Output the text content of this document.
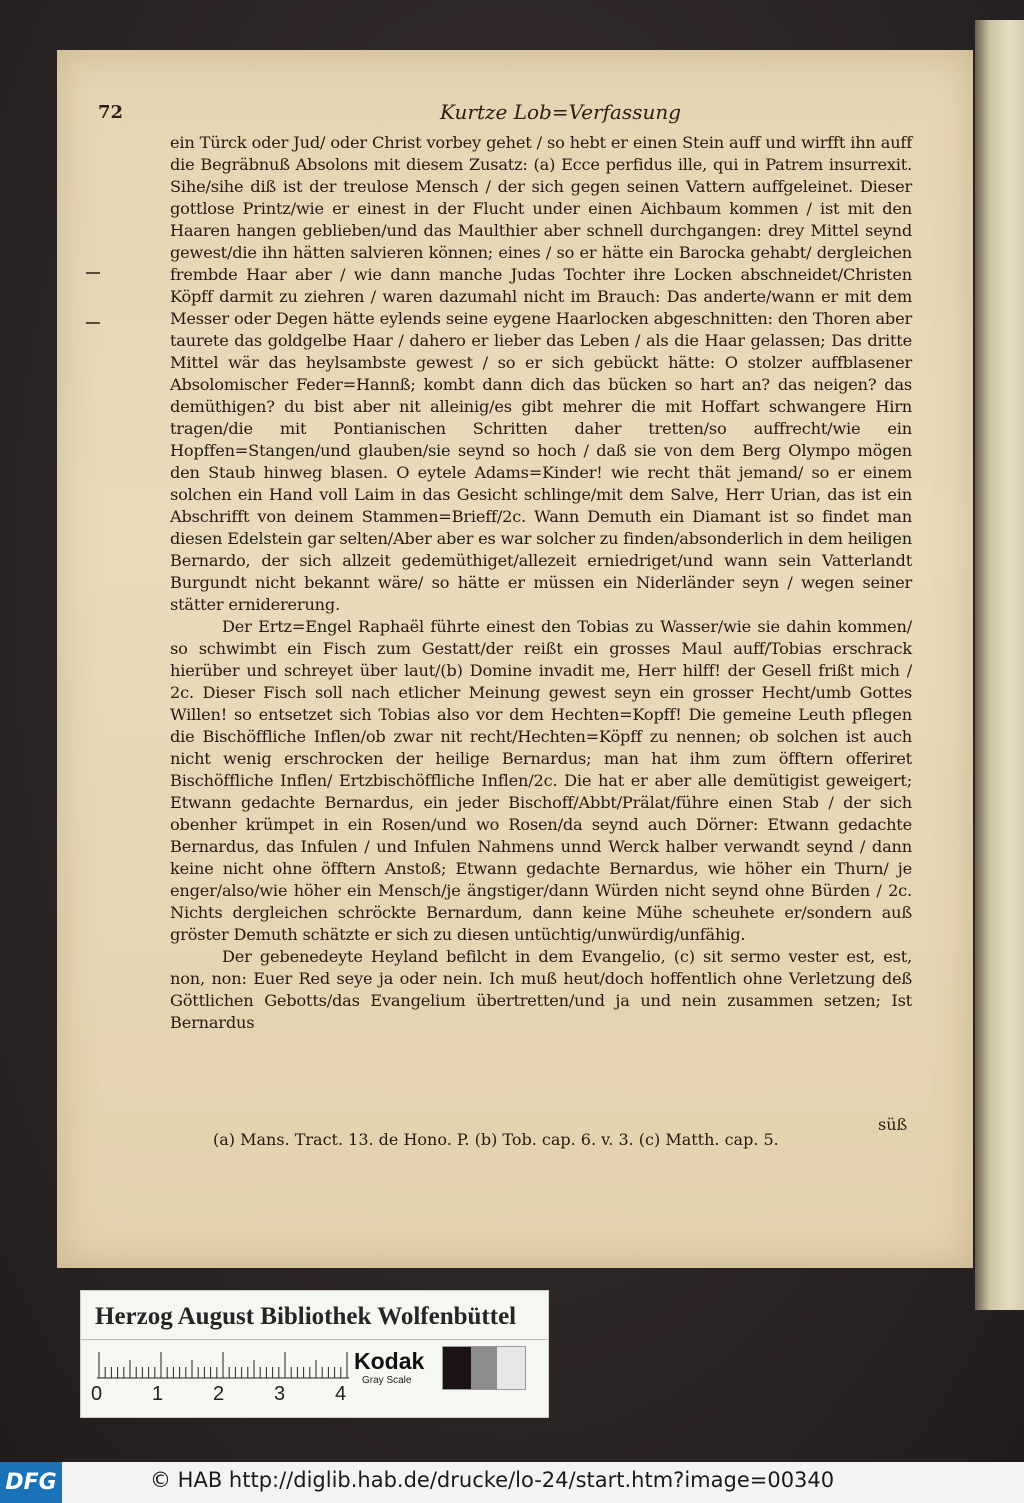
72	Kurtze Lob=Verfassung

ein Türck oder Jud/ oder Christ vorbey gehet / so hebt er einen Stein auff und wirfft ihn auff die Begräbnuß Absolons mit diesem Zusatz: (a) Ecce perfidus ille, qui in Patrem insurrexit. Sihe/sihe diß ist der treulose Mensch / der sich gegen seinen Vattern auffgeleinet. Dieser gottlose Printz/wie er einest in der Flucht under einen Aichbaum kommen / ist mit den Haaren hangen geblieben/und das Maulthier aber schnell durchgangen: drey Mittel seynd gewest/die ihn hätten salvieren können; eines / so er hätte ein Barocka gehabt/ dergleichen frembde Haar aber / wie dann manche Judas Tochter ihre Locken abschneidet/Christen Köpff darmit zu ziehren / waren dazumahl nicht im Brauch: Das anderte/wann er mit dem Messer oder Degen hätte eylends seine eygene Haarlocken abgeschnitten: den Thoren aber taurete das goldgelbe Haar / dahero er lieber das Leben / als die Haar gelassen; Das dritte Mittel wär das heylsambste gewest / so er sich gebückt hätte: O stolzer auffblasener Absolomischer Feder=Hannß; kombt dann dich das bücken so hart an? das neigen? das demüthigen? du bist aber nit alleinig/es gibt mehrer die mit Hoffart schwangere Hirn tragen/die mit Pontianischen Schritten daher tretten/so auffrecht/wie ein Hopffen=Stangen/und glauben/sie seynd so hoch / daß sie von dem Berg Olympo mögen den Staub hinweg blasen. O eytele Adams=Kinder! wie recht thät jemand/ so er einem solchen ein Hand voll Laim in das Gesicht schlinge/mit dem Salve, Herr Urian, das ist ein Abschrifft von deinem Stammen=Brieff/2c. Wann Demuth ein Diamant ist so findet man diesen Edelstein gar selten/Aber aber es war solcher zu finden/absonderlich in dem heiligen Bernardo, der sich allzeit gedemüthiget/allezeit erniedriget/und wann sein Vatterlandt Burgundt nicht bekannt wäre/ so hätte er müssen ein Niderländer seyn / wegen seiner stätter ernidererung.

Der Ertz=Engel Raphaël führte einest den Tobias zu Wasser/wie sie dahin kommen/ so schwimbt ein Fisch zum Gestatt/der reißt ein grosses Maul auff/Tobias erschrack hierüber und schreyet über laut/(b) Domine invadit me, Herr hilff! der Gesell frißt mich / 2c. Dieser Fisch soll nach etlicher Meinung gewest seyn ein grosser Hecht/umb Gottes Willen! so entsetzet sich Tobias also vor dem Hechten=Kopff! Die gemeine Leuth pflegen die Bischöffliche Inflen/ob zwar nit recht/Hechten=Köpff zu nennen; ob solchen ist auch nicht wenig erschrocken der heilige Bernardus; man hat ihm zum öfftern offeriret Bischöffliche Inflen/ Ertzbischöffliche Inflen/2c. Die hat er aber alle demütigist geweigert; Etwann gedachte Bernardus, ein jeder Bischoff/Abbt/Prälat/führe einen Stab / der sich obenher krümpet in ein Rosen/und wo Rosen/da seynd auch Dörner: Etwann gedachte Bernardus, das Infulen / und Infulen Nahmens unnd Werck halber verwandt seynd / dann keine nicht ohne öfftern Anstoß; Etwann gedachte Bernardus, wie höher ein Thurn/ je enger/also/wie höher ein Mensch/je ängstiger/dann Würden nicht seynd ohne Bürden / 2c. Nichts dergleichen schröckte Bernardum, dann keine Mühe scheuhete er/sondern auß gröster Demuth schätzte er sich zu diesen untüchtig/unwürdig/unfähig.

Der gebenedeyte Heyland befilcht in dem Evangelio, (c) sit sermo vester est, est, non, non: Euer Red seye ja oder nein. Ich muß heut/doch hoffentlich ohne Verletzung deß Göttlichen Gebotts/das Evangelium übertretten/und ja und nein zusammen setzen; Ist Bernardus

süß
(a) Mans. Tract. 13. de Hono. P. (b) Tob. cap. 6. v. 3. (c) Matth. cap. 5.
Herzog August Bibliothek Wolfenbüttel
0 1 2 3 4
Kodak
Gray Scale
DFG	© HAB http://diglib.hab.de/drucke/lo-24/start.htm?image=00340
